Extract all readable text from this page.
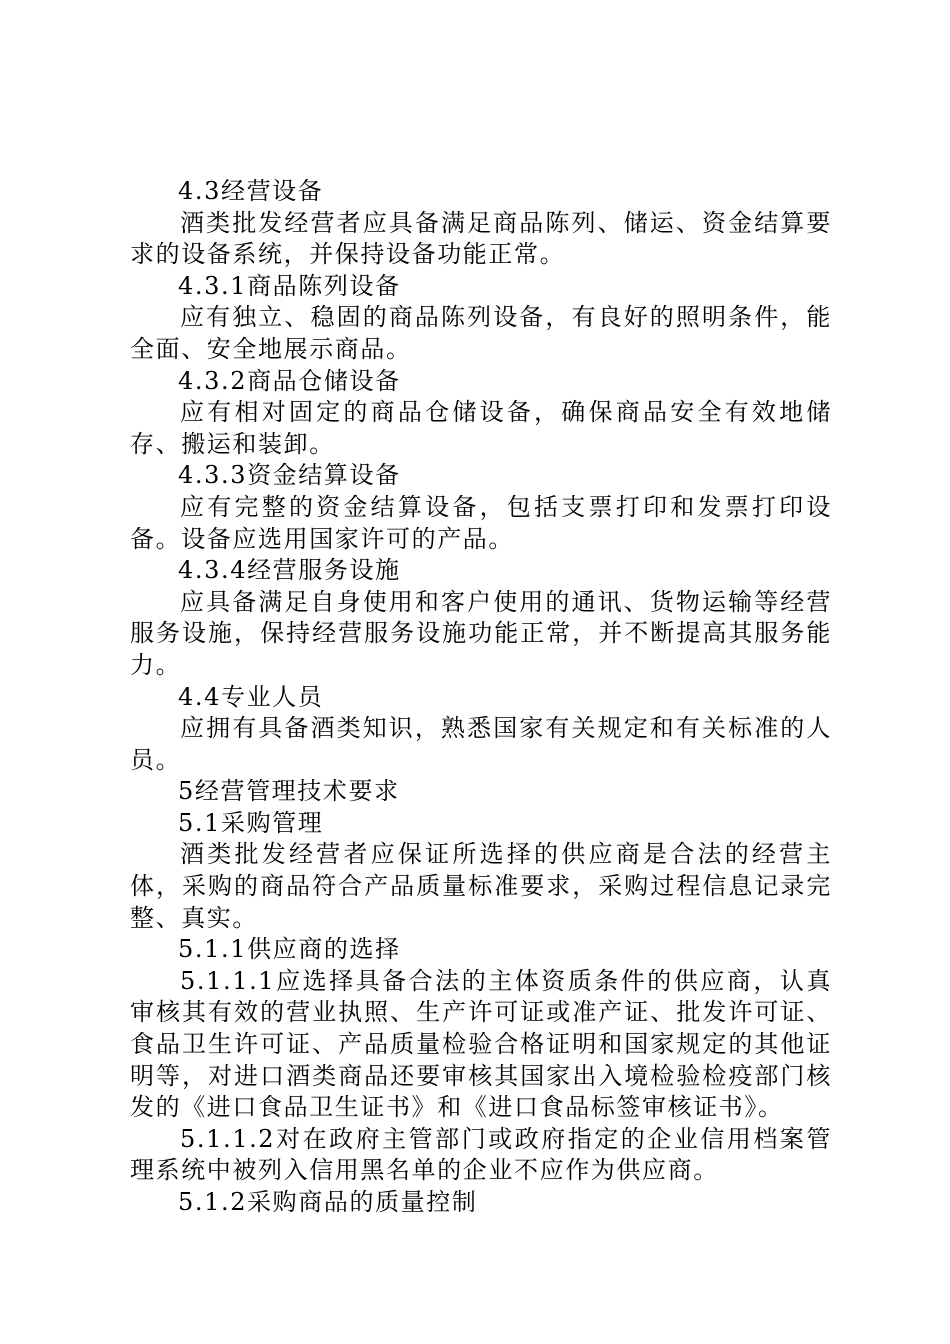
4.3经营设备

酒类批发经营者应具备满足商品陈列、储运、资金结算要求的设备系统，并保持设备功能正常。

4.3.1商品陈列设备

应有独立、稳固的商品陈列设备，有良好的照明条件，能全面、安全地展示商品。

4.3.2商品仓储设备

应有相对固定的商品仓储设备，确保商品安全有效地储存、搬运和装卸。

4.3.3资金结算设备

应有完整的资金结算设备，包括支票打印和发票打印设备。设备应选用国家许可的产品。

4.3.4经营服务设施

应具备满足自身使用和客户使用的通讯、货物运输等经营服务设施，保持经营服务设施功能正常，并不断提高其服务能力。

4.4专业人员

应拥有具备酒类知识，熟悉国家有关规定和有关标准的人员。

5经营管理技术要求

5.1采购管理

酒类批发经营者应保证所选择的供应商是合法的经营主体，采购的商品符合产品质量标准要求，采购过程信息记录完整、真实。

5.1.1供应商的选择

5.1.1.1应选择具备合法的主体资质条件的供应商，认真审核其有效的营业执照、生产许可证或准产证、批发许可证、食品卫生许可证、产品质量检验合格证明和国家规定的其他证明等，对进口酒类商品还要审核其国家出入境检验检疫部门核发的《进口食品卫生证书》和《进口食品标签审核证书》。

5.1.1.2对在政府主管部门或政府指定的企业信用档案管理系统中被列入信用黑名单的企业不应作为供应商。

5.1.2采购商品的质量控制
